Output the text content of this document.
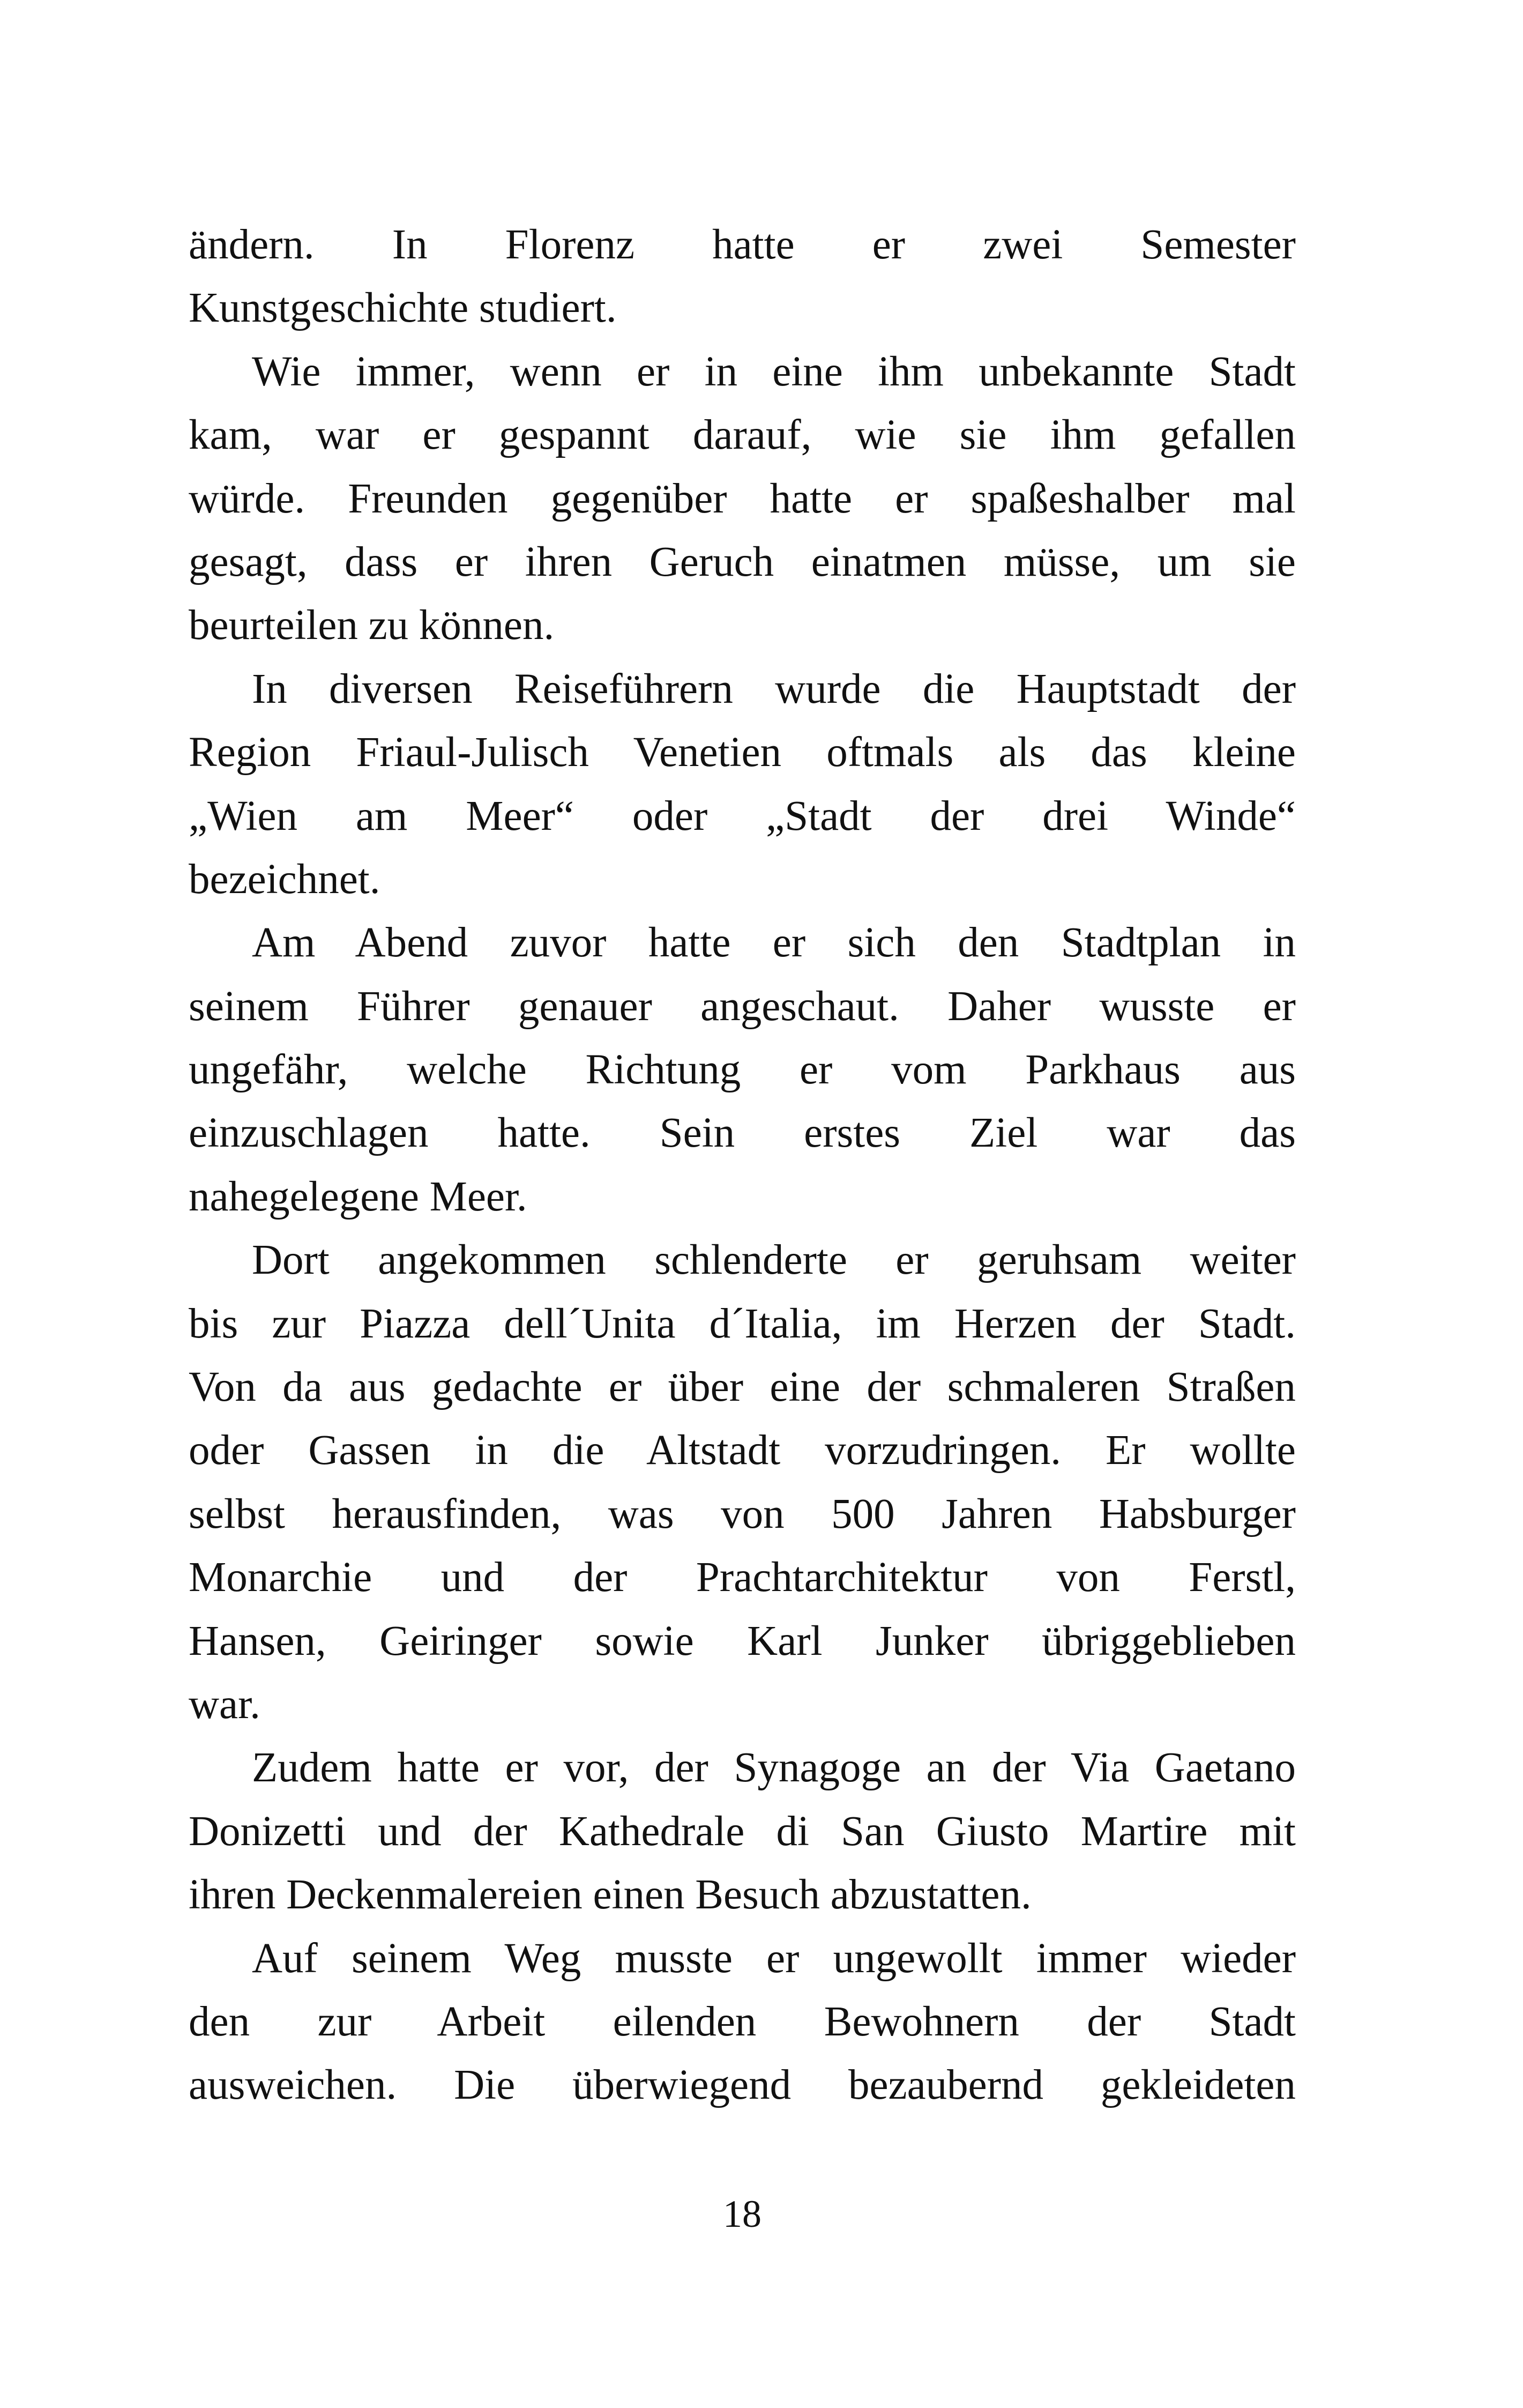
ändern. In Florenz hatte er zwei Semester
Kunstgeschichte studiert.
Wie immer, wenn er in eine ihm unbekannte Stadt
kam, war er gespannt darauf, wie sie ihm gefallen
würde. Freunden gegenüber hatte er spaßeshalber mal
gesagt, dass er ihren Geruch einatmen müsse, um sie
beurteilen zu können.
In diversen Reiseführern wurde die Hauptstadt der
Region Friaul-Julisch Venetien oftmals als das kleine
„Wien am Meer“ oder „Stadt der drei Winde“
bezeichnet.
Am Abend zuvor hatte er sich den Stadtplan in
seinem Führer genauer angeschaut. Daher wusste er
ungefähr, welche Richtung er vom Parkhaus aus
einzuschlagen hatte. Sein erstes Ziel war das
nahegelegene Meer.
Dort angekommen schlenderte er geruhsam weiter
bis zur Piazza dell´Unita d´Italia, im Herzen der Stadt.
Von da aus gedachte er über eine der schmaleren Straßen
oder Gassen in die Altstadt vorzudringen. Er wollte
selbst herausfinden, was von 500 Jahren Habsburger
Monarchie und der Prachtarchitektur von Ferstl,
Hansen, Geiringer sowie Karl Junker übriggeblieben
war.
Zudem hatte er vor, der Synagoge an der Via Gaetano
Donizetti und der Kathedrale di San Giusto Martire mit
ihren Deckenmalereien einen Besuch abzustatten.
Auf seinem Weg musste er ungewollt immer wieder
den zur Arbeit eilenden Bewohnern der Stadt
ausweichen. Die überwiegend bezaubernd gekleideten
18
